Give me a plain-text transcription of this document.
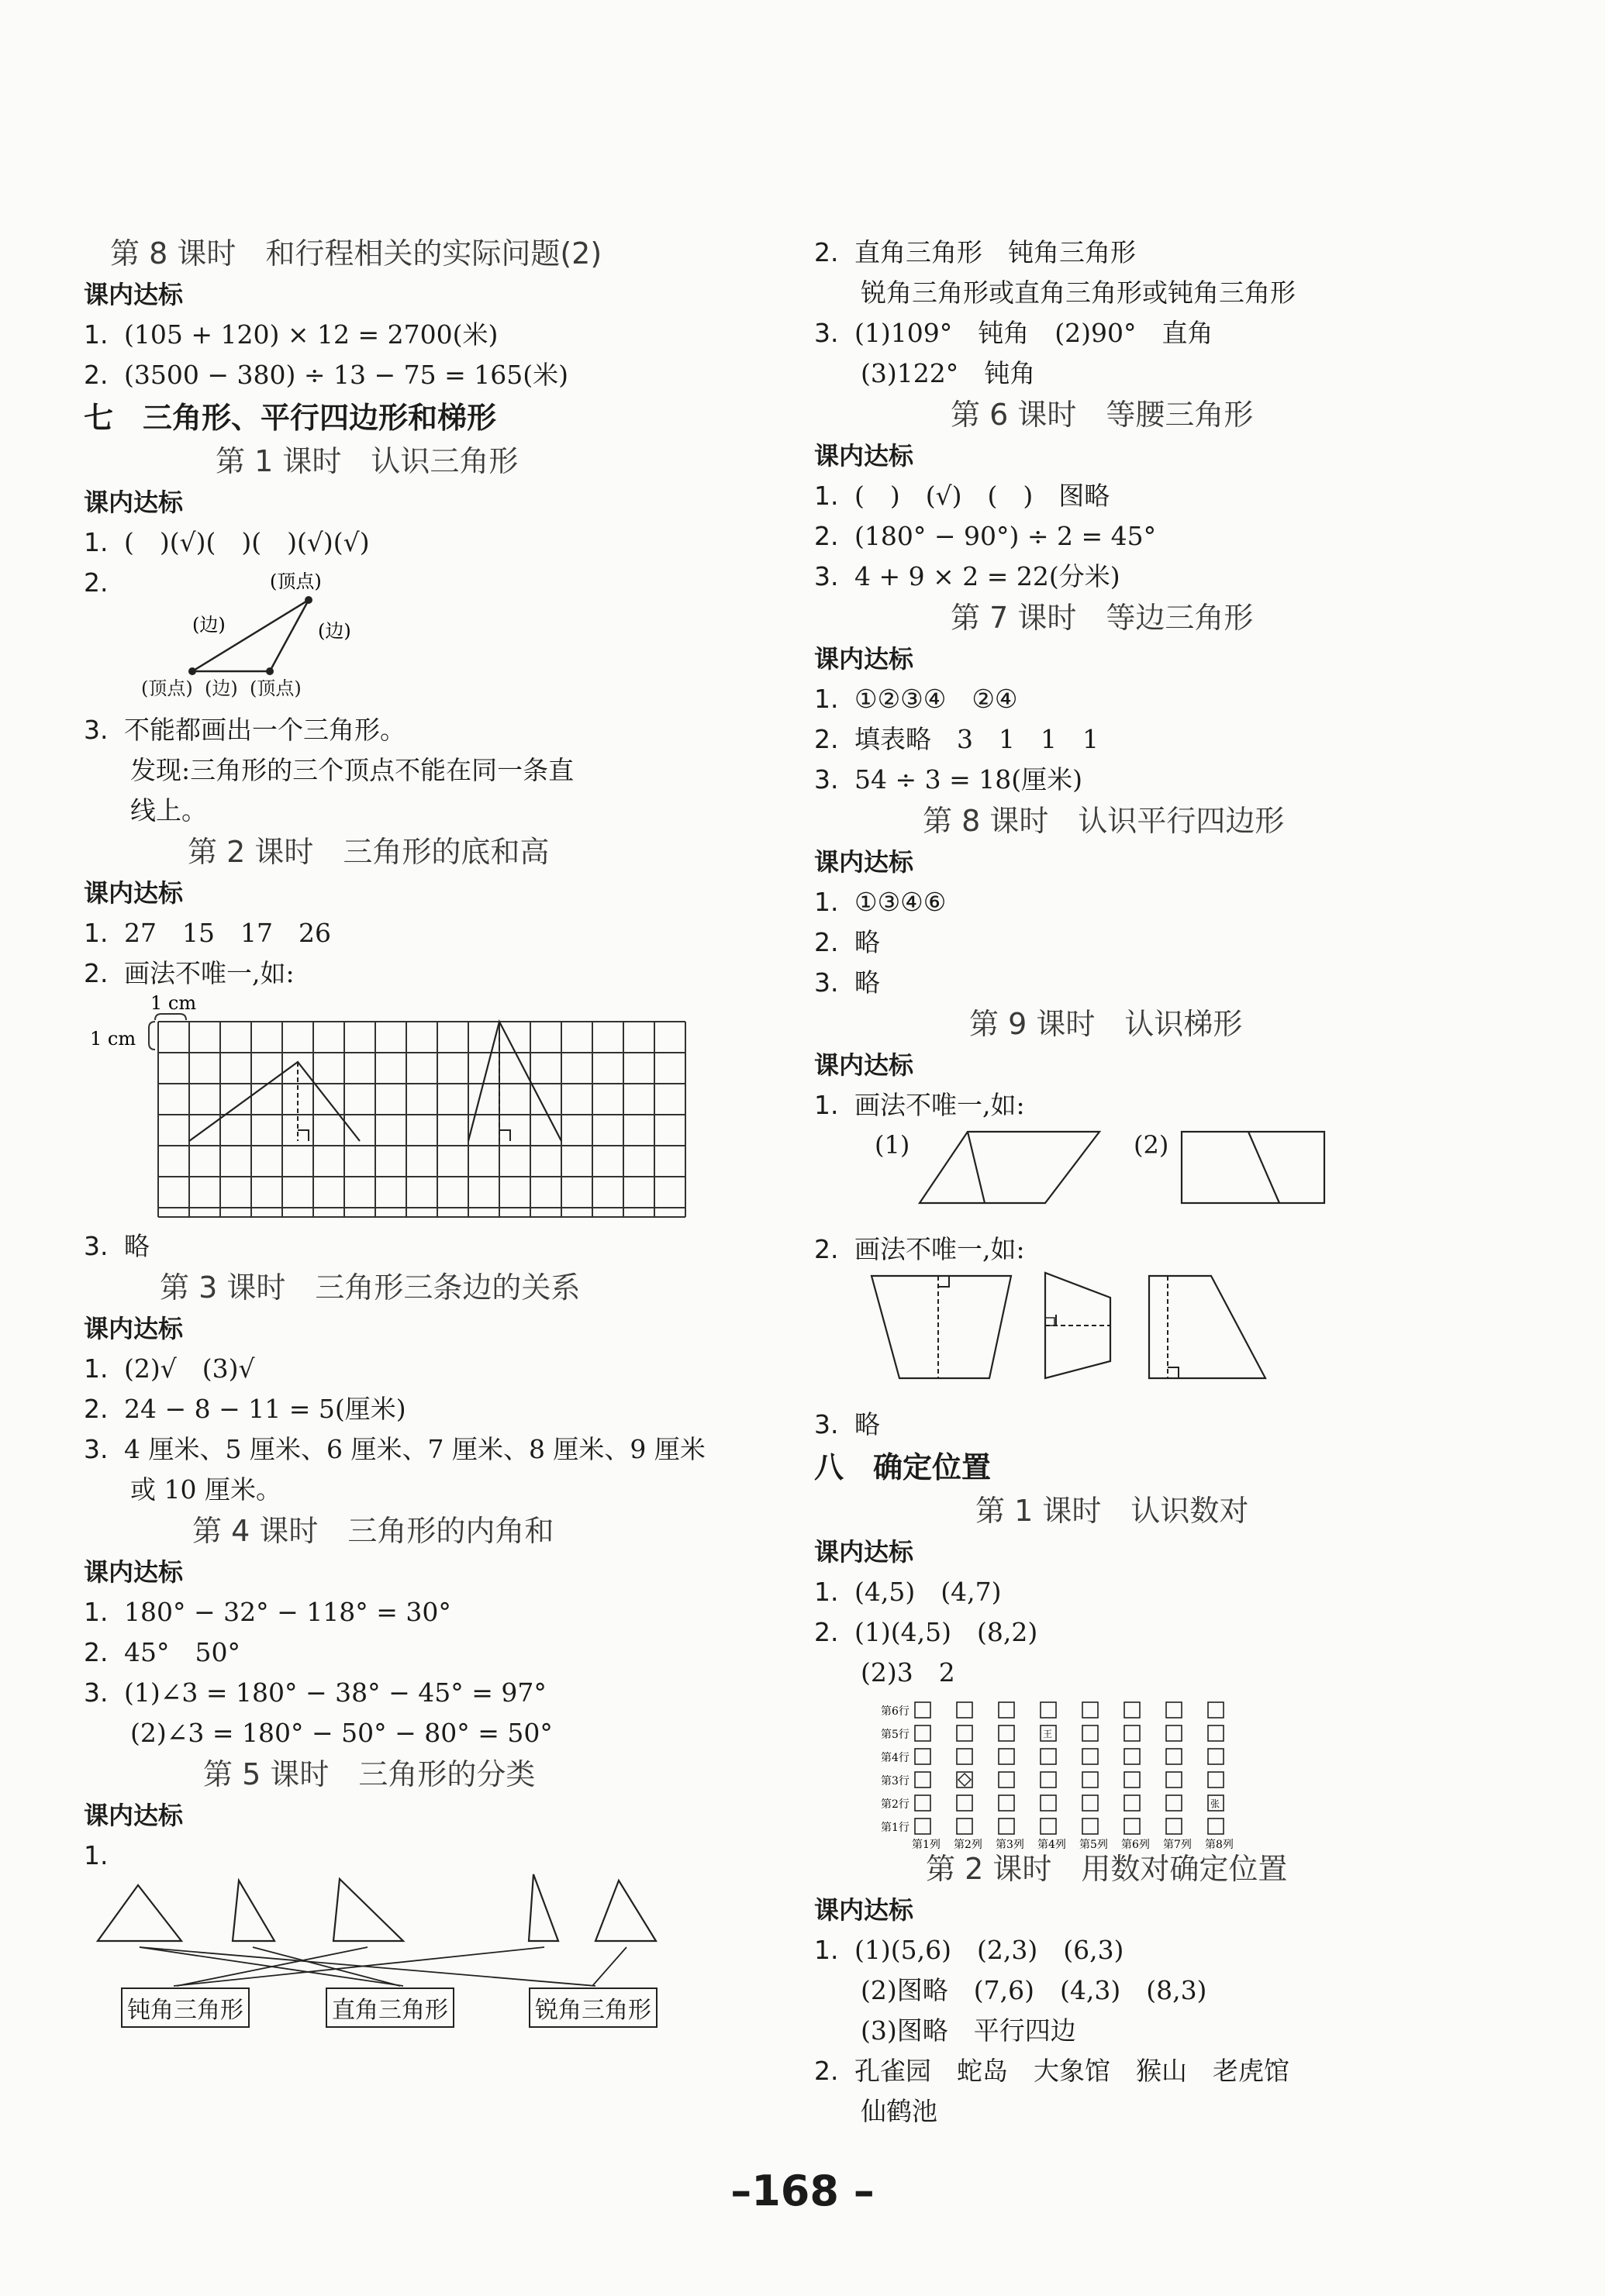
第 8 课时　和行程相关的实际问题(2)
课内达标
1. (105 + 120) × 12 = 2700(米)
2. (3500 − 380) ÷ 13 − 75 = 165(米)
七　三角形、平行四边形和梯形
第 1 课时　认识三角形
课内达标
1. (　)(√)(　)(　)(√)(√)
2.	(顶点)
(边)	(边)
(顶点) (边) (顶点)
3. 不能都画出一个三角形。
发现:三角形的三个顶点不能在同一条直
线上。
第 2 课时　三角形的底和高
课内达标
1. 27　15　17　26
2. 画法不唯一,如:
1 cm
1 cm
3. 略
第 3 课时　三角形三条边的关系
课内达标
1. (2)√　(3)√
2. 24 − 8 − 11 = 5(厘米)
3. 4 厘米、5 厘米、6 厘米、7 厘米、8 厘米、9 厘米
或 10 厘米。
第 4 课时　三角形的内角和
课内达标
1. 180° − 32° − 118° = 30°
2. 45°　50°
3. (1)∠3 = 180° − 38° − 45° = 97°
(2)∠3 = 180° − 50° − 80° = 50°
第 5 课时　三角形的分类
课内达标
1.
钝角三角形	直角三角形	锐角三角形
2. 直角三角形　钝角三角形
锐角三角形或直角三角形或钝角三角形
3. (1)109°　钝角　(2)90°　直角
(3)122°　钝角
第 6 课时　等腰三角形
课内达标
1. (　)　(√)　(　)　图略
2. (180° − 90°) ÷ 2 = 45°
3. 4 + 9 × 2 = 22(分米)
第 7 课时　等边三角形
课内达标
1. ①②③④　②④
2. 填表略　3　1　1　1
3. 54 ÷ 3 = 18(厘米)
第 8 课时　认识平行四边形
课内达标
1. ①③④⑥
2. 略
3. 略
第 9 课时　认识梯形
课内达标
1. 画法不唯一,如:
(1)	(2)
2. 画法不唯一,如:
3. 略
八　确定位置
第 1 课时　认识数对
课内达标
1. (4,5)　(4,7)
2. (1)(4,5)　(8,2)
(2)3　2
第6行
第5行
第4行
第3行
第2行
第1行
王
张
第1列 第2列 第3列 第4列 第5列 第6列 第7列 第8列
第 2 课时　用数对确定位置
课内达标
1. (1)(5,6)　(2,3)　(6,3)
(2)图略　(7,6)　(4,3)　(8,3)
(3)图略　平行四边
2. 孔雀园　蛇岛　大象馆　猴山　老虎馆
仙鹤池
–168 –
